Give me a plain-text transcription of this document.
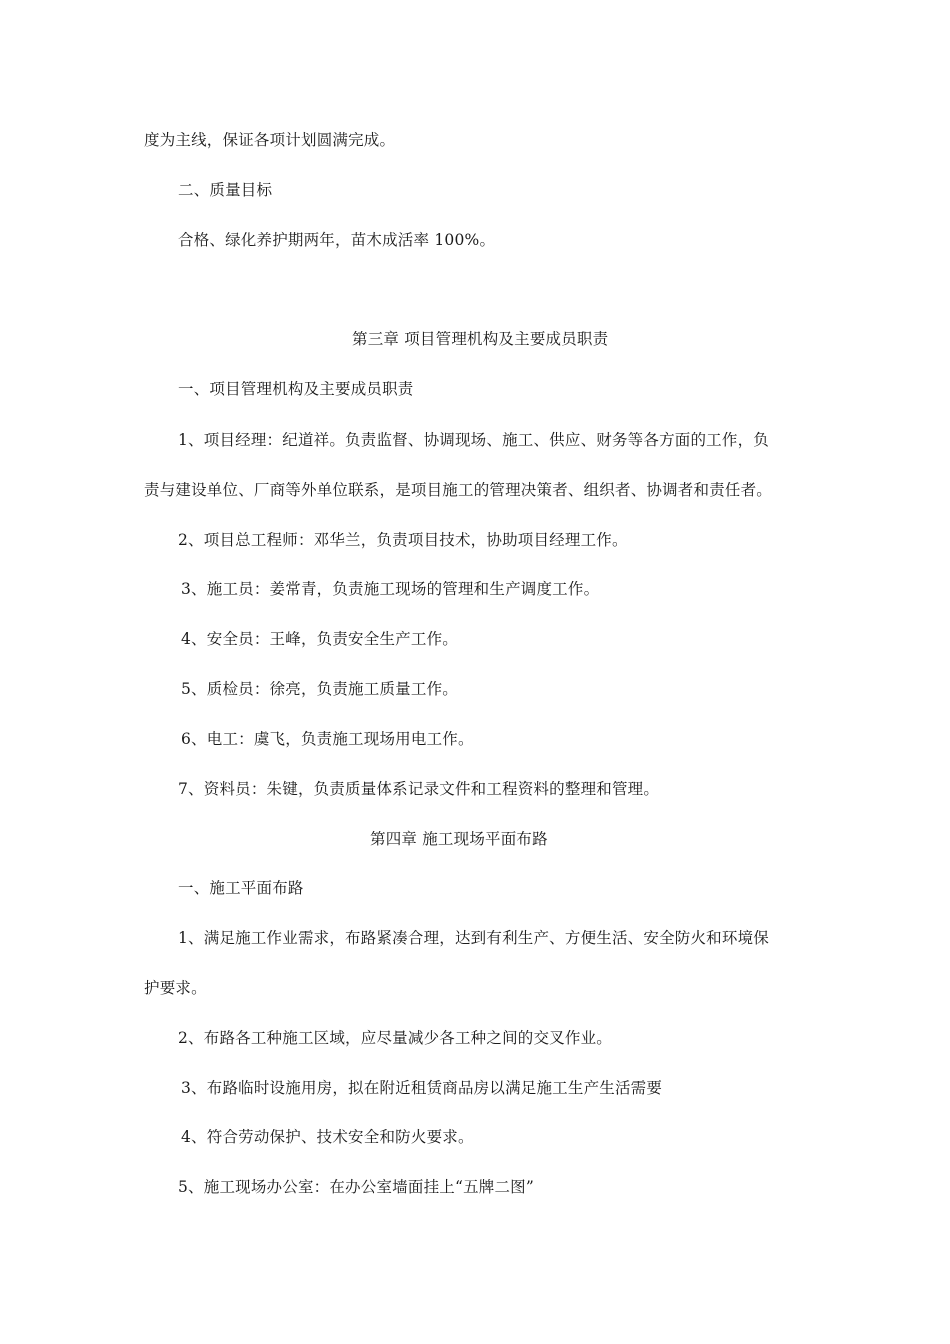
度为主线，保证各项计划圆满完成。
二、质量目标
合格、绿化养护期两年，苗木成活率 100%。
第三章 项目管理机构及主要成员职责
一、项目管理机构及主要成员职责
1、项目经理：纪道祥。负责监督、协调现场、施工、供应、财务等各方面的工作，负
责与建设单位、厂商等外单位联系，是项目施工的管理决策者、组织者、协调者和责任者。
2、项目总工程师：邓华兰，负责项目技术，协助项目经理工作。
3、施工员：姜常青，负责施工现场的管理和生产调度工作。
4、安全员：王峰，负责安全生产工作。
5、质检员：徐亮，负责施工质量工作。
6、电工：虞飞，负责施工现场用电工作。
7、资料员：朱键，负责质量体系记录文件和工程资料的整理和管理。
第四章 施工现场平面布路
一、施工平面布路
1、满足施工作业需求，布路紧凑合理，达到有利生产、方便生活、安全防火和环境保
护要求。
2、布路各工种施工区域，应尽量减少各工种之间的交叉作业。
3、布路临时设施用房，拟在附近租赁商品房以满足施工生产生活需要
4、符合劳动保护、技术安全和防火要求。
5、施工现场办公室：在办公室墙面挂上“五牌二图”
